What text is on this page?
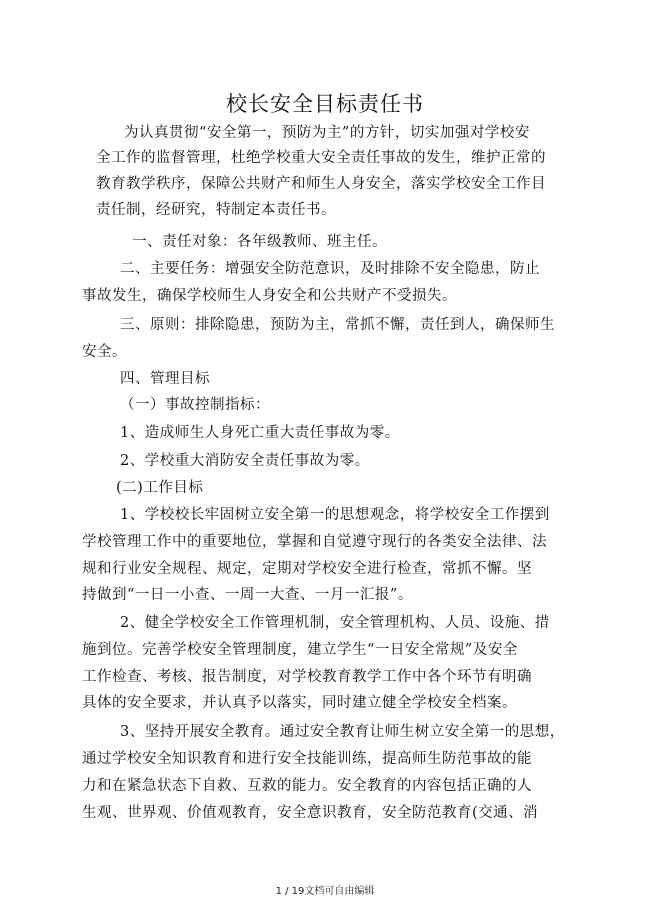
校长安全目标责任书
为认真贯彻“安全第一，预防为主”的方针，切实加强对学校安
全工作的监督管理，杜绝学校重大安全责任事故的发生，维护正常的
教育教学秩序，保障公共财产和师生人身安全，落实学校安全工作目
责任制，经研究，特制定本责任书。
一、责任对象：各年级教师、班主任。
二、主要任务：增强安全防范意识，及时排除不安全隐患，防止
事故发生，确保学校师生人身安全和公共财产不受损失。
三、原则：排除隐患，预防为主，常抓不懈，责任到人，确保师生
安全。
四、管理目标
（一）事故控制指标：
1、造成师生人身死亡重大责任事故为零。
2、学校重大消防安全责任事故为零。
(二)工作目标
1、学校校长牢固树立安全第一的思想观念，将学校安全工作摆到
学校管理工作中的重要地位，掌握和自觉遵守现行的各类安全法律、法
规和行业安全规程、规定，定期对学校安全进行检查，常抓不懈。坚
持做到“一日一小查、一周一大查、一月一汇报”。
2、健全学校安全工作管理机制，安全管理机构、人员、设施、措
施到位。完善学校安全管理制度，建立学生“一日安全常规”及安全
工作检查、考核、报告制度，对学校教育教学工作中各个环节有明确
具体的安全要求，并认真予以落实，同时建立健全学校安全档案。
3、坚持开展安全教育。通过安全教育让师生树立安全第一的思想，
通过学校安全知识教育和进行安全技能训练，提高师生防范事故的能
力和在紧急状态下自救、互救的能力。安全教育的内容包括正确的人
生观、世界观、价值观教育，安全意识教育，安全防范教育(交通、消
1 / 19文档可自由编辑
